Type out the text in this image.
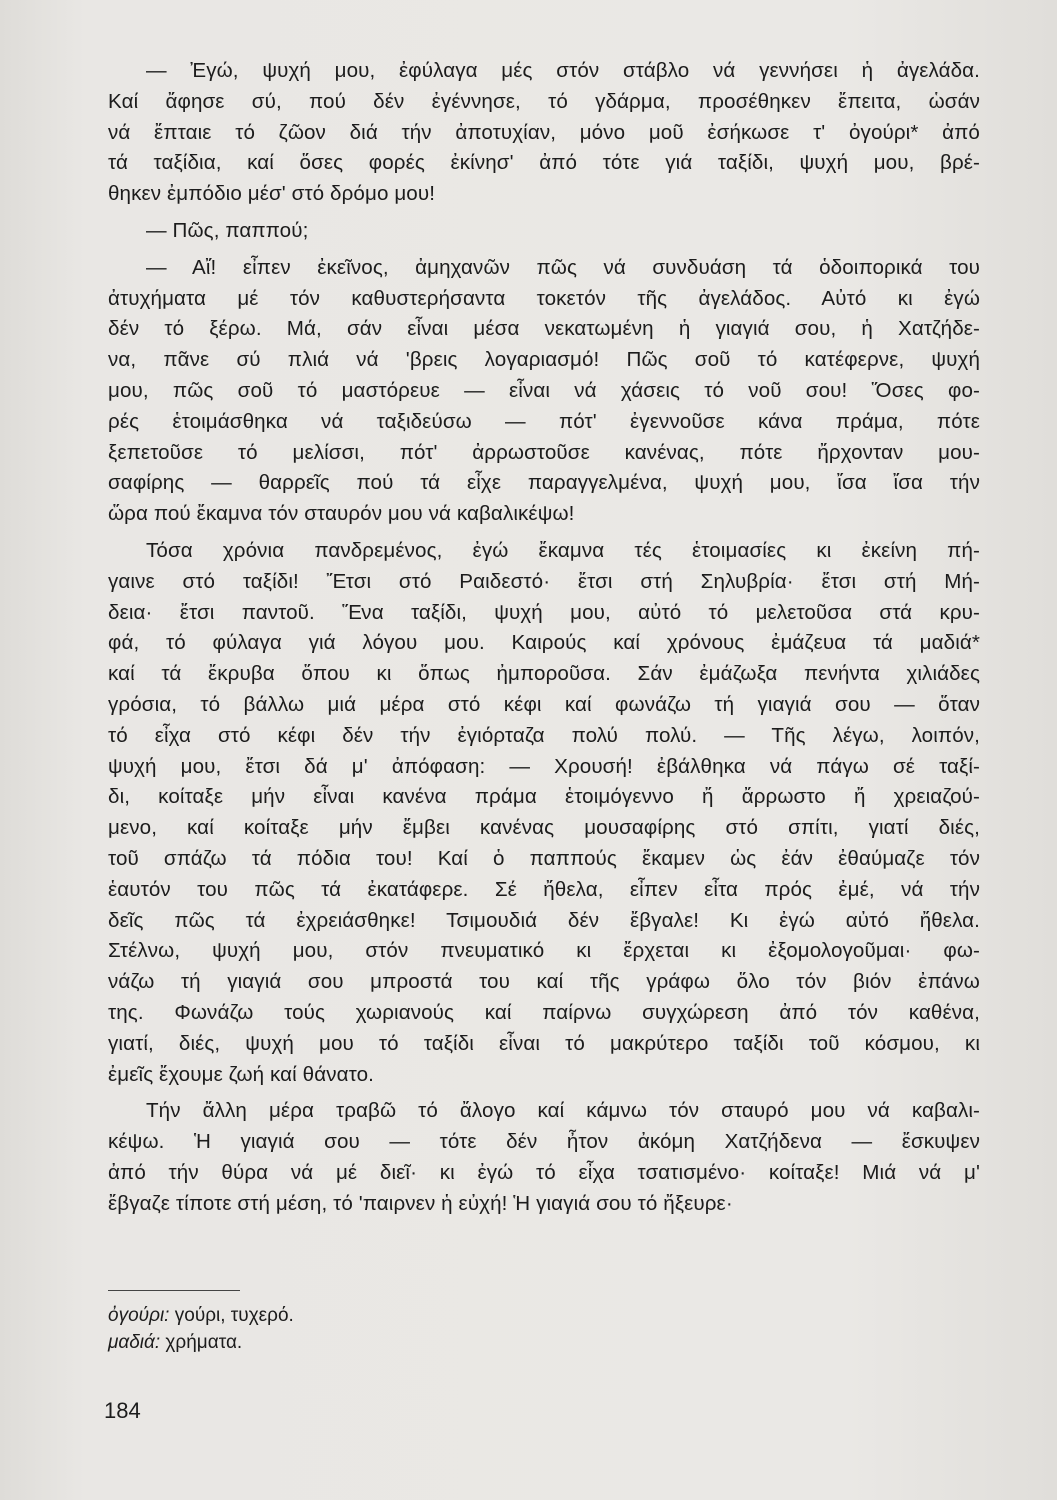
— Ἐγώ, ψυχή μου, ἐφύλαγα μές στόν στάβλο νά γεννήσει ἡ ἀγελάδα.
Καί ἄφησε σύ, πού δέν ἐγέννησε, τό γδάρμα, προσέθηκεν ἔπειτα, ὡσάν
νά ἔπταιε τό ζῶον διά τήν ἀποτυχίαν, μόνο μοῦ ἐσήκωσε τ' ὀγούρι* ἀπό
τά ταξίδια, καί ὅσες φορές ἐκίνησ' ἀπό τότε γιά ταξίδι, ψυχή μου, βρέ-
θηκεν ἐμπόδιο μέσ' στό δρόμο μου!
— Πῶς, παππού;
— Αἴ! εἶπεν ἐκεῖνος, ἀμηχανῶν πῶς νά συνδυάση τά ὁδοιπορικά του
ἀτυχήματα μέ τόν καθυστερήσαντα τοκετόν τῆς ἀγελάδος. Αὐτό κι ἐγώ
δέν τό ξέρω. Μά, σάν εἶναι μέσα νεκατωμένη ἡ γιαγιά σου, ἡ Χατζήδε-
να, πᾶνε σύ πλιά νά 'βρεις λογαριασμό! Πῶς σοῦ τό κατέφερνε, ψυχή
μου, πῶς σοῦ τό μαστόρευε — εἶναι νά χάσεις τό νοῦ σου! Ὅσες φο-
ρές ἑτοιμάσθηκα νά ταξιδεύσω — πότ' ἐγεννοῦσε κάνα πράμα, πότε
ξεπετοῦσε τό μελίσσι, πότ' ἀρρωστοῦσε κανένας, πότε ἤρχονταν μου-
σαφίρης — θαρρεῖς πού τά εἶχε παραγγελμένα, ψυχή μου, ἴσα ἴσα τήν
ὥρα πού ἔκαμνα τόν σταυρόν μου νά καβαλικέψω!
Τόσα χρόνια πανδρεμένος, ἐγώ ἔκαμνα τές ἑτοιμασίες κι ἐκείνη πή-
γαινε στό ταξίδι! Ἔτσι στό Ραιδεστό· ἔτσι στή Σηλυβρία· ἔτσι στή Μή-
δεια· ἔτσι παντοῦ. Ἕνα ταξίδι, ψυχή μου, αὐτό τό μελετοῦσα στά κρυ-
φά, τό φύλαγα γιά λόγου μου. Καιρούς καί χρόνους ἐμάζευα τά μαδιά*
καί τά ἔκρυβα ὅπου κι ὅπως ἠμποροῦσα. Σάν ἐμάζωξα πενήντα χιλιάδες
γρόσια, τό βάλλω μιά μέρα στό κέφι καί φωνάζω τή γιαγιά σου — ὅταν
τό εἶχα στό κέφι δέν τήν ἐγιόρταζα πολύ πολύ. — Τῆς λέγω, λοιπόν,
ψυχή μου, ἔτσι δά μ' ἀπόφαση: — Χρουσή! ἐβάλθηκα νά πάγω σέ ταξί-
δι, κοίταξε μήν εἶναι κανένα πράμα ἑτοιμόγεννο ἤ ἄρρωστο ἤ χρειαζού-
μενο, καί κοίταξε μήν ἔμβει κανένας μουσαφίρης στό σπίτι, γιατί διές,
τοῦ σπάζω τά πόδια του! Καί ὁ παππούς ἔκαμεν ὡς ἐάν ἐθαύμαζε τόν
ἑαυτόν του πῶς τά ἐκατάφερε. Σέ ἤθελα, εἶπεν εἶτα πρός ἐμέ, νά τήν
δεῖς πῶς τά ἐχρειάσθηκε! Τσιμουδιά δέν ἔβγαλε! Κι ἐγώ αὐτό ἤθελα.
Στέλνω, ψυχή μου, στόν πνευματικό κι ἔρχεται κι ἐξομολογοῦμαι· φω-
νάζω τή γιαγιά σου μπροστά του καί τῆς γράφω ὅλο τόν βιόν ἐπάνω
της. Φωνάζω τούς χωριανούς καί παίρνω συγχώρεση ἀπό τόν καθένα,
γιατί, διές, ψυχή μου τό ταξίδι εἶναι τό μακρύτερο ταξίδι τοῦ κόσμου, κι
ἐμεῖς ἔχουμε ζωή καί θάνατο.
Τήν ἄλλη μέρα τραβῶ τό ἄλογο καί κάμνω τόν σταυρό μου νά καβαλι-
κέψω. Ἡ γιαγιά σου — τότε δέν ἦτον ἀκόμη Χατζήδενα — ἔσκυψεν
ἀπό τήν θύρα νά μέ διεῖ· κι ἐγώ τό εἶχα τσατισμένο· κοίταξε! Μιά νά μ'
ἔβγαζε τίποτε στή μέση, τό 'παιρνεν ἡ εὐχή! Ἡ γιαγιά σου τό ἤξευρε·
ὀγούρι: γούρι, τυχερό.
μαδιά: χρήματα.
184
